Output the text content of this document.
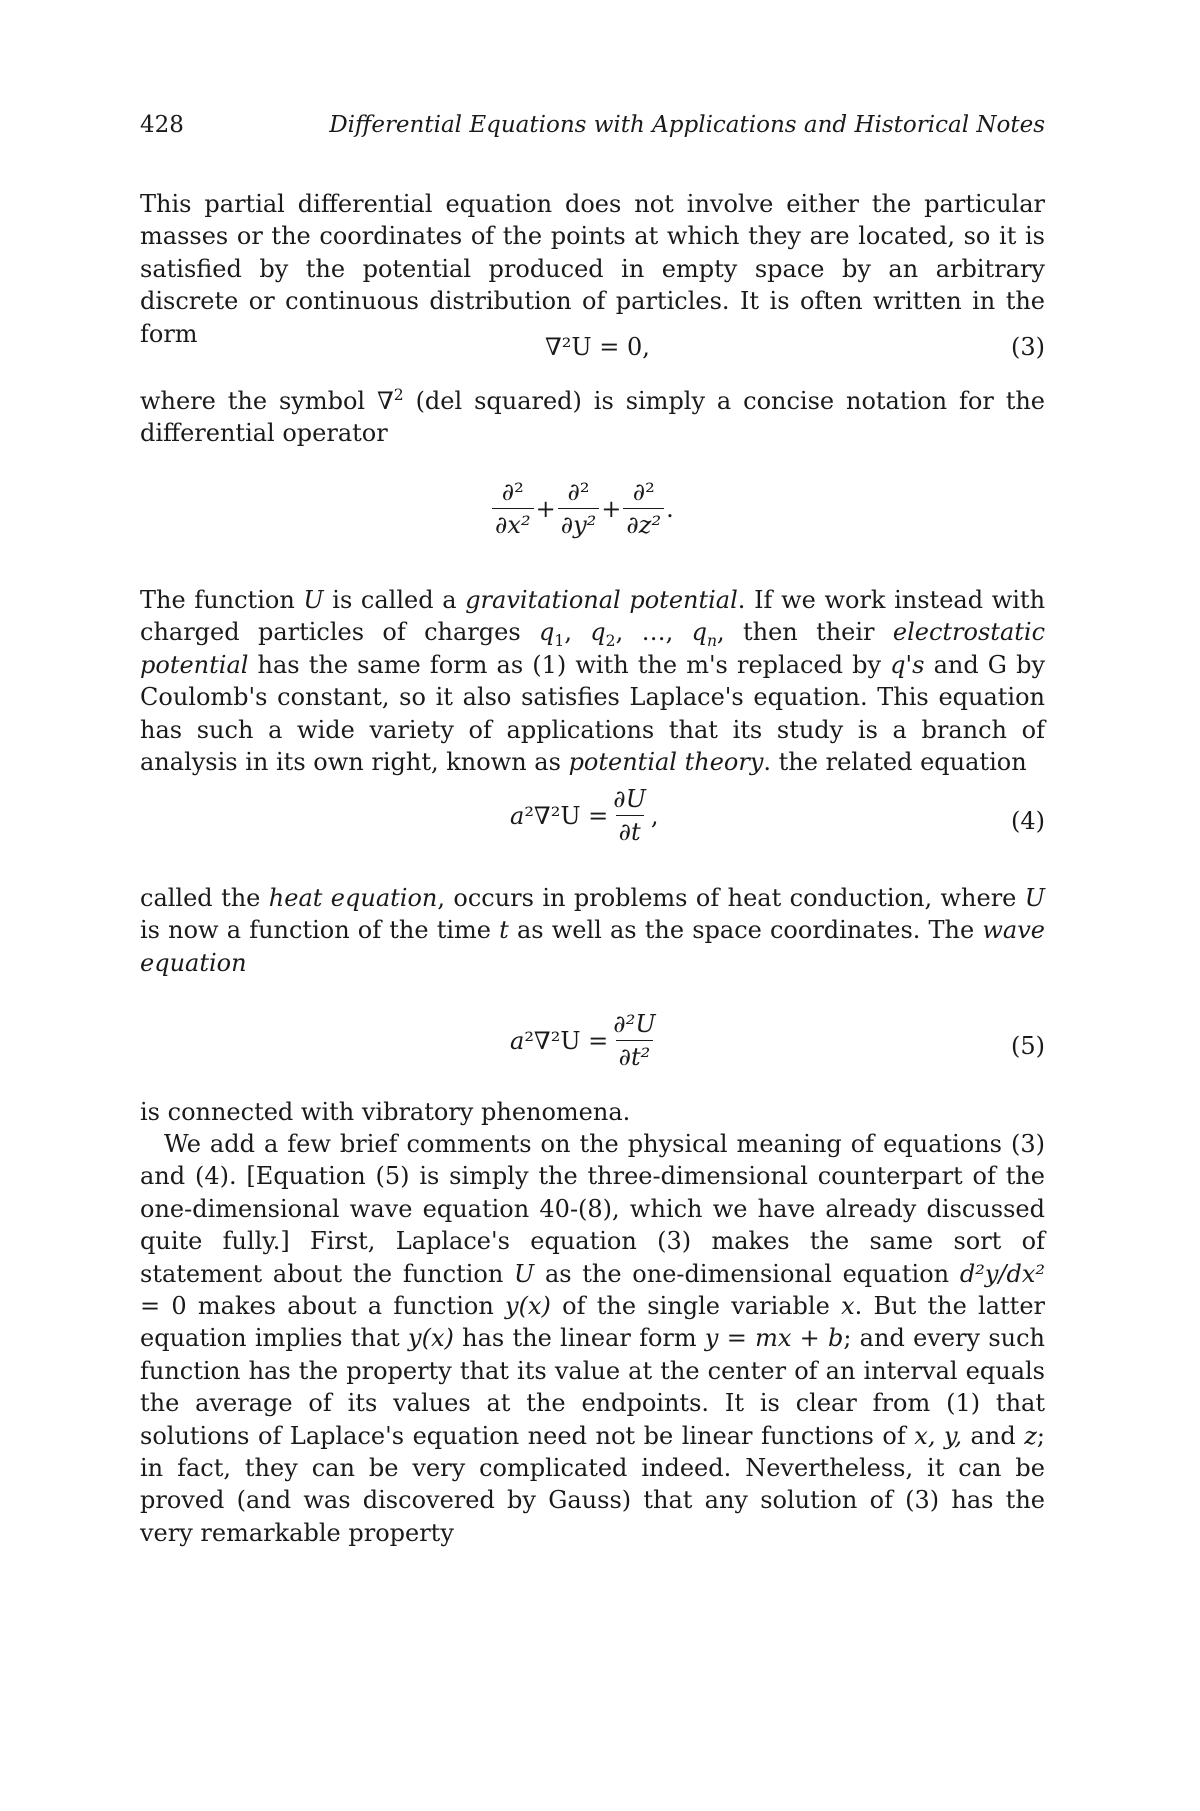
428	Differential Equations with Applications and Historical Notes

This partial differential equation does not involve either the particular masses or the coordinates of the points at which they are located, so it is satisfied by the potential produced in empty space by an arbitrary discrete or continuous distribution of particles. It is often written in the form	∇²U = 0,	(3)

where the symbol ∇$^2$ (del squared) is simply a concise notation for the differential operator

$\frac{\text{∂²}}{\text{∂x²}} + \frac{\text{∂²}}{\text{∂y²}} + \frac{\text{∂²}}{\text{∂z²}}$ .

The function U is called a gravitational potential. If we work instead with charged particles of charges $q_1$, $q_2$, …, $q_n$, then their electrostatic potential has the same form as (1) with the m's replaced by q's and G by Coulomb's constant, so it also satisfies Laplace's equation. This equation has such a wide variety of applications that its study is a branch of analysis in its own right, known as potential theory. the related equation

a $^2\nabla^2U = \frac{\partial U}{\partial t}$ ,	(4)

called the heat equation, occurs in problems of heat conduction, where U is now a function of the time t as well as the space coordinates. The wave equation

a $^2\nabla^2U = \frac{\text{∂²U}}{\text{∂t²}}$	(5)

is connected with vibratory phenomena.

We add a few brief comments on the physical meaning of equations (3) and (4). [Equation (5) is simply the three-dimensional counterpart of the one-dimensional wave equation 40-(8), which we have already discussed quite fully.] First, Laplace's equation (3) makes the same sort of statement about the function U as the one-dimensional equation d²y/dx² = 0 makes about a function y(x) of the single variable x. But the latter equation implies that y(x) has the linear form y = mx + b; and every such function has the property that its value at the center of an interval equals the average of its values at the endpoints. It is clear from (1) that solutions of Laplace's equation need not be linear functions of x, y, and z; in fact, they can be very complicated indeed. Nevertheless, it can be proved (and was discovered by Gauss) that any solution of (3) has the very remarkable property
